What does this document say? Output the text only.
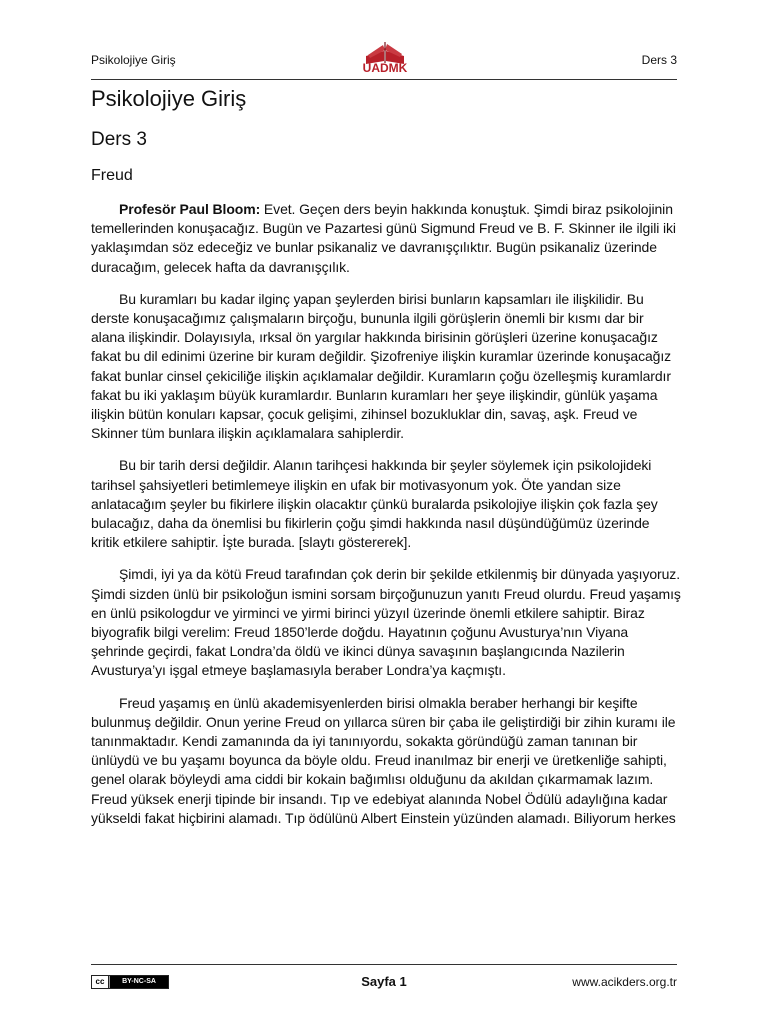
Psikolojiye Giriş
UADMK
Ders 3
Psikolojiye Giriş
Ders 3
Freud

Profesör Paul Bloom: Evet. Geçen ders beyin hakkında konuştuk. Şimdi biraz psikolojinin temellerinden konuşacağız. Bugün ve Pazartesi günü Sigmund Freud ve B. F. Skinner ile ilgili iki yaklaşımdan söz edeceğiz ve bunlar psikanaliz ve davranışçılıktır. Bugün psikanaliz üzerinde duracağım, gelecek hafta da davranışçılık.

Bu kuramları bu kadar ilginç yapan şeylerden birisi bunların kapsamları ile ilişkilidir. Bu derste konuşacağımız çalışmaların birçoğu, bununla ilgili görüşlerin önemli bir kısmı dar bir alana ilişkindir. Dolayısıyla, ırksal ön yargılar hakkında birisinin görüşleri üzerine konuşacağız fakat bu dil edinimi üzerine bir kuram değildir. Şizofreniye ilişkin kuramlar üzerinde konuşacağız fakat bunlar cinsel çekiciliğe ilişkin açıklamalar değildir. Kuramların çoğu özelleşmiş kuramlardır fakat bu iki yaklaşım büyük kuramlardır. Bunların kuramları her şeye ilişkindir, günlük yaşama ilişkin bütün konuları kapsar, çocuk gelişimi, zihinsel bozukluklar din, savaş, aşk. Freud ve Skinner tüm bunlara ilişkin açıklamalara sahiplerdir.

Bu bir tarih dersi değildir. Alanın tarihçesi hakkında bir şeyler söylemek için psikolojideki tarihsel şahsiyetleri betimlemeye ilişkin en ufak bir motivasyonum yok. Öte yandan size anlatacağım şeyler bu fikirlere ilişkin olacaktır çünkü buralarda psikolojiye ilişkin çok fazla şey bulacağız, daha da önemlisi bu fikirlerin çoğu şimdi hakkında nasıl düşündüğümüz üzerinde kritik etkilere sahiptir. İşte burada. [slaytı göstererek].

Şimdi, iyi ya da kötü Freud tarafından çok derin bir şekilde etkilenmiş bir dünyada yaşıyoruz. Şimdi sizden ünlü bir psikoloğun ismini sorsam birçoğunuzun yanıtı Freud olurdu. Freud yaşamış en ünlü psikologdur ve yirminci ve yirmi birinci yüzyıl üzerinde önemli etkilere sahiptir. Biraz biyografik bilgi verelim: Freud 1850’lerde doğdu. Hayatının çoğunu Avusturya’nın Viyana şehrinde geçirdi, fakat Londra’da öldü ve ikinci dünya savaşının başlangıcında Nazilerin Avusturya’yı işgal etmeye başlamasıyla beraber Londra’ya kaçmıştı.

Freud yaşamış en ünlü akademisyenlerden birisi olmakla beraber herhangi bir keşifte bulunmuş değildir. Onun yerine Freud on yıllarca süren bir çaba ile geliştirdiği bir zihin kuramı ile tanınmaktadır. Kendi zamanında da iyi tanınıyordu, sokakta göründüğü zaman tanınan bir ünlüydü ve bu yaşamı boyunca da böyle oldu. Freud inanılmaz bir enerji ve üretkenliğe sahipti, genel olarak böyleydi ama ciddi bir kokain bağımlısı olduğunu da akıldan çıkarmamak lazım. Freud yüksek enerji tipinde bir insandı. Tıp ve edebiyat alanında Nobel Ödülü adaylığına kadar yükseldi fakat hiçbirini alamadı. Tıp ödülünü Albert Einstein yüzünden alamadı. Biliyorum herkes

cc	BY-NC-SA	Sayfa 1	www.acikders.org.tr
